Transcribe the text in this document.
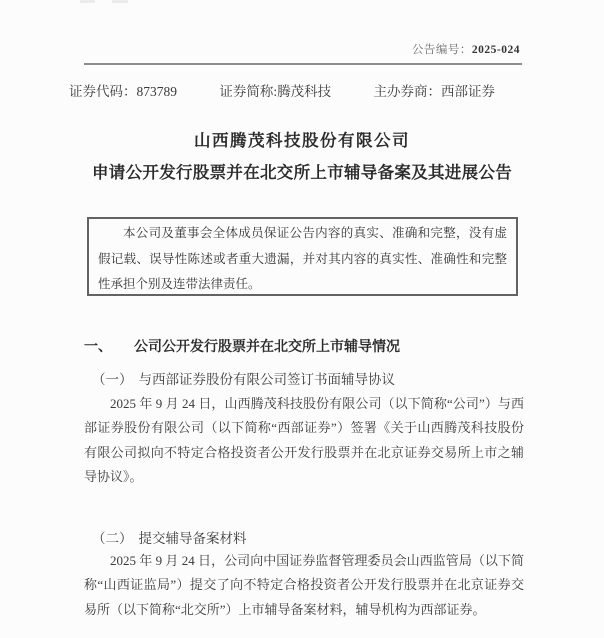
公告编号：2025-024
证券代码：873789	证券简称:腾茂科技	主办券商：西部证券
山西腾茂科技股份有限公司
申请公开发行股票并在北交所上市辅导备案及其进展公告

本公司及董事会全体成员保证公告内容的真实、准确和完整，没有虚假记载、误导性陈述或者重大遗漏，并对其内容的真实性、准确性和完整性承担个别及连带法律责任。

一、 公司公开发行股票并在北交所上市辅导情况
（一） 与西部证券股份有限公司签订书面辅导协议

2025 年 9 月 24 日，山西腾茂科技股份有限公司（以下简称“公司”）与西部证券股份有限公司（以下简称“西部证券”）签署《关于山西腾茂科技股份有限公司拟向不特定合格投资者公开发行股票并在北京证券交易所上市之辅导协议》。

（二） 提交辅导备案材料

2025 年 9 月 24 日，公司向中国证券监督管理委员会山西监管局（以下简称“山西证监局”）提交了向不特定合格投资者公开发行股票并在北京证券交易所（以下简称“北交所”）上市辅导备案材料，辅导机构为西部证券。
